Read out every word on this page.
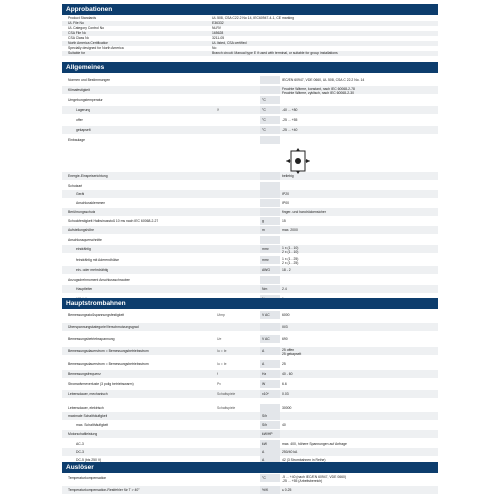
Approbationen
Product Standards	UL 508, CSA C22.2 No 14, IEC60947-4-1, CE marking
UL File No	E36332
UL Category Control No	NLRV
CSA File No	165628
CSA Class No	3211-05
North America Certification	UL listed, CSA certified
Specially designed for North America	No
Suitable for	Branch circuit: Manual type E if used with terminal, or suitable for group installations
Allgemeines
Normen und Bestimmungen	IEC/EN 60947, VDE 0660, UL 508, CSA C 22.2 No. 14
Klimafestigkeit	Feuchte Wärme, konstant, nach IEC 60068-2-78
Feuchte Wärme, zyklisch, nach IEC 60068-2-30
Umgebungstemperatur	°C
Lagerung	ϑ	°C	-40 ... +80
offen	°C	-25 ... +55
gekapselt	°C	-25 ... +40
Einbaulage
Energie-Einspeiserichtung	beliebig
Schutzart
Gerät	IP20
Anschlussklemmen	IP00
Berührungsschutz	finger- und handrückensicher
Schockfestigkeit Halbsinusstoß 10 ms nach IEC 60068-2-27	g	15
Aufstellungshöhe	m	max. 2000
Anschlussquerschnitte
eindrähtig	mm²	1 x (1 - 10)
2 x (1 - 10)
feindrähtig mit Aderendhülse	mm²	1 x (1 - 25)
2 x (1 - 25)
ein- oder mehrdrähtig	AWG	18 - 2
Anzugsdrehmoment Anschlussschrauben
Hauptleiter	Nm	2.4
Hauptstrombahnen
Bemessungsstoßspannungsfestigkeit	Uimp	V AC	6000
Überspannungskategorie/Verschmutzungsgrad	III/3
Bemessungsbetriebsspannung	Ue	V AC	690
Bemessungsdauerstrom = Bemessungsbetriebsstrom	Iu = Ie	A	25 offen
25 gekapselt
Bemessungsdauerstrom = Bemessungsbetriebsstrom	Iu = Ie	A	25
Bemessungsfrequenz	f	Hz	40 - 60
Stromwärmeverluste (3 polig betriebswarm)	Pv	W	6.6
Lebensdauer, mechanisch	Schaltspiele	x10⁶	0.03
Lebensdauer, elektrisch	Schaltspiele	30000
maximale Schalthäufigkeit	S/h
max. Schalthäufigkeit	S/h	40
Motorschaltleistung	kW/HP
AC-3	kW	max. 400, höhere Spannungen auf Anfrage
DC-3	A	250/40 kA
DC-5 (bis 250 V)	A	42 (3 Strombahnen in Reihe)
Auslöser
Temperaturkompensation	°C	-5 ... +40 (nach IEC/EN 60947, VDE 0660)
-25 ... +55 (Arbeitsbereich)
Temperaturkompensation-Restfehler für T > 40°	%/K	≤ 0.25
